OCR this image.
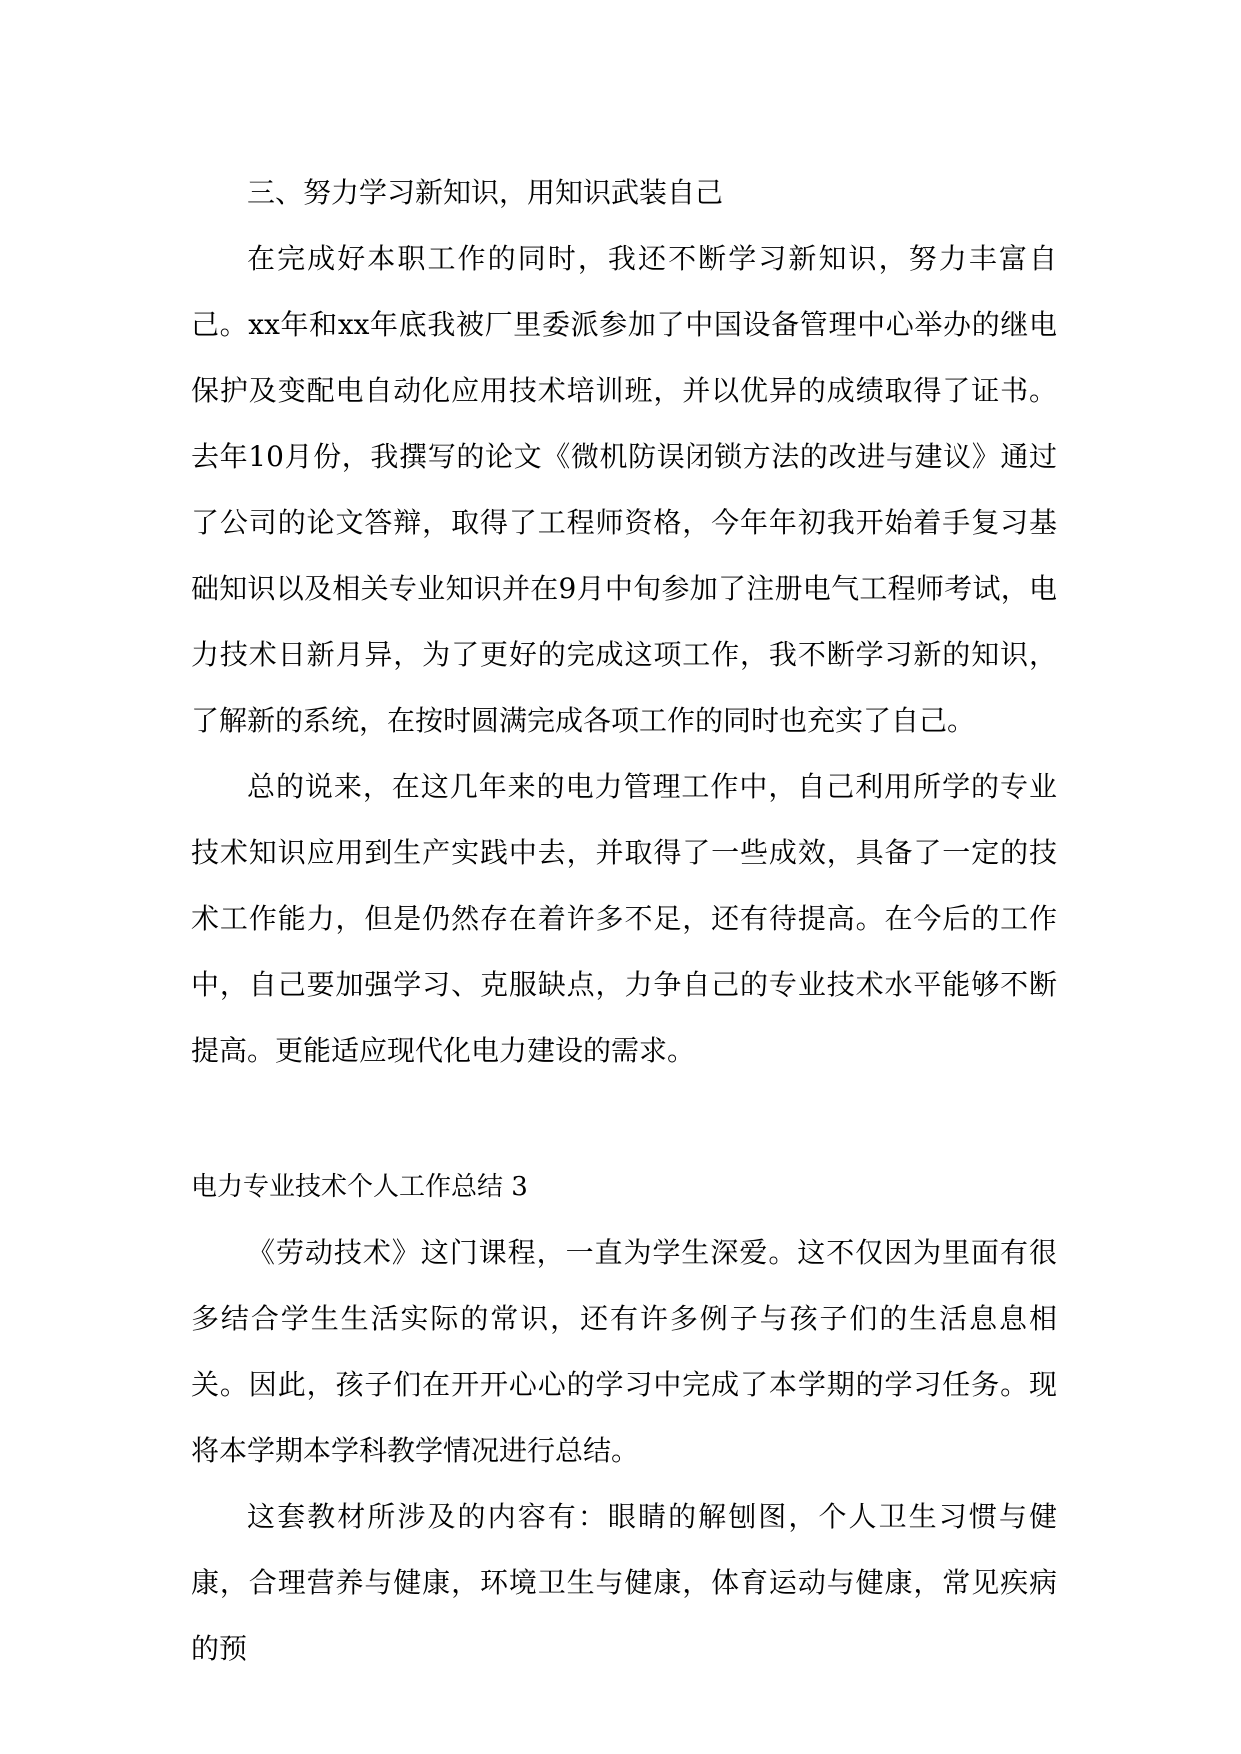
三、努力学习新知识，用知识武装自己

在完成好本职工作的同时，我还不断学习新知识，努力丰富自己。xx年和xx年底我被厂里委派参加了中国设备管理中心举办的继电保护及变配电自动化应用技术培训班，并以优异的成绩取得了证书。去年10月份，我撰写的论文《微机防误闭锁方法的改进与建议》通过了公司的论文答辩，取得了工程师资格，今年年初我开始着手复习基础知识以及相关专业知识并在9月中旬参加了注册电气工程师考试，电力技术日新月异，为了更好的完成这项工作，我不断学习新的知识，了解新的系统，在按时圆满完成各项工作的同时也充实了自己。

总的说来，在这几年来的电力管理工作中，自己利用所学的专业技术知识应用到生产实践中去，并取得了一些成效，具备了一定的技术工作能力，但是仍然存在着许多不足，还有待提高。在今后的工作中，自己要加强学习、克服缺点，力争自己的专业技术水平能够不断提高。更能适应现代化电力建设的需求。

电力专业技术个人工作总结 3

《劳动技术》这门课程，一直为学生深爱。这不仅因为里面有很多结合学生生活实际的常识，还有许多例子与孩子们的生活息息相关。因此，孩子们在开开心心的学习中完成了本学期的学习任务。现将本学期本学科教学情况进行总结。

这套教材所涉及的内容有：眼睛的解刨图，个人卫生习惯与健康，合理营养与健康，环境卫生与健康，体育运动与健康，常见疾病的预
